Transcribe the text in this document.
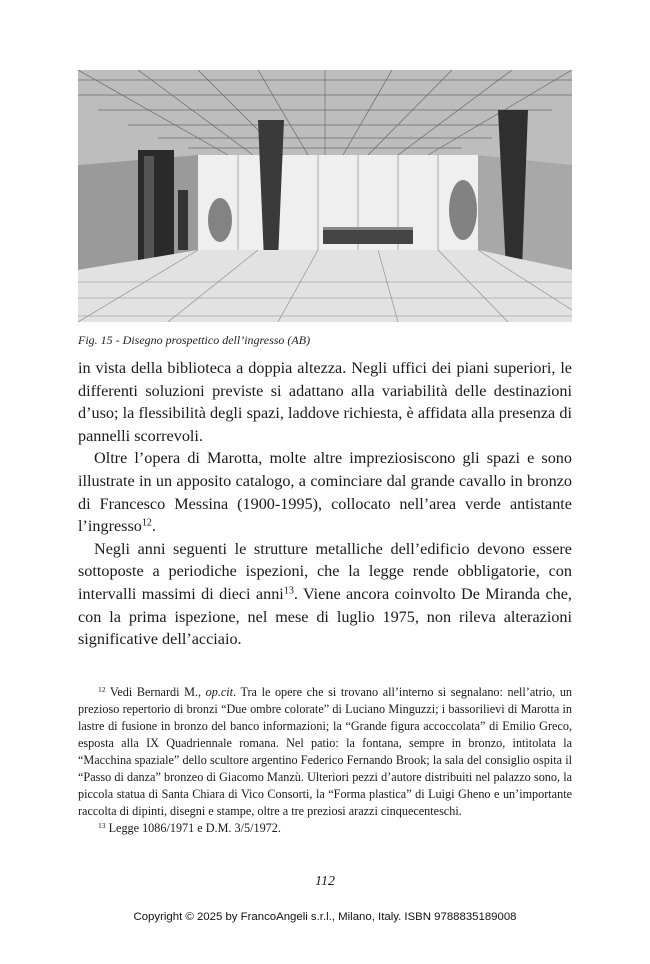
Fig. 15 - Disegno prospettico dell’ingresso (AB)

in vista della biblioteca a doppia altezza. Negli uffici dei piani superiori, le differenti soluzioni previste si adattano alla variabilità delle destinazioni d’uso; la flessibilità degli spazi, laddove richiesta, è affidata alla presenza di pannelli scorrevoli.

Oltre l’opera di Marotta, molte altre impreziosiscono gli spazi e sono illustrate in un apposito catalogo, a cominciare dal grande cavallo in bronzo di Francesco Messina (1900-1995), collocato nell’area verde antistante l’ingresso$^{12}$.

Negli anni seguenti le strutture metalliche dell’edificio devono essere sottoposte a periodiche ispezioni, che la legge rende obbligatorie, con intervalli massimi di dieci anni$^{13}$. Viene ancora coinvolto De Miranda che, con la prima ispezione, nel mese di luglio 1975, non rileva alterazioni significative dell’acciaio.

$^{12}$ Vedi Bernardi M., op.cit. Tra le opere che si trovano all’interno si segnalano: nell’atrio, un prezioso repertorio di bronzi “Due ombre colorate” di Luciano Minguzzi; i bassorilievi di Marotta in lastre di fusione in bronzo del banco informazioni; la “Grande figura accoccolata” di Emilio Greco, esposta alla IX Quadriennale romana. Nel patio: la fontana, sempre in bronzo, intitolata la “Macchina spaziale” dello scultore argentino Federico Fernando Brook; la sala del consiglio ospita il “Passo di danza” bronzeo di Giacomo Manzù. Ulteriori pezzi d’autore distribuiti nel palazzo sono, la piccola statua di Santa Chiara di Vico Consorti, la “Forma plastica” di Luigi Gheno e un’importante raccolta di dipinti, disegni e stampe, oltre a tre preziosi arazzi cinquecenteschi.

$^{13}$ Legge 1086/1971 e D.M. 3/5/1972.

112
Copyright © 2025 by FrancoAngeli s.r.l., Milano, Italy. ISBN 9788835189008
